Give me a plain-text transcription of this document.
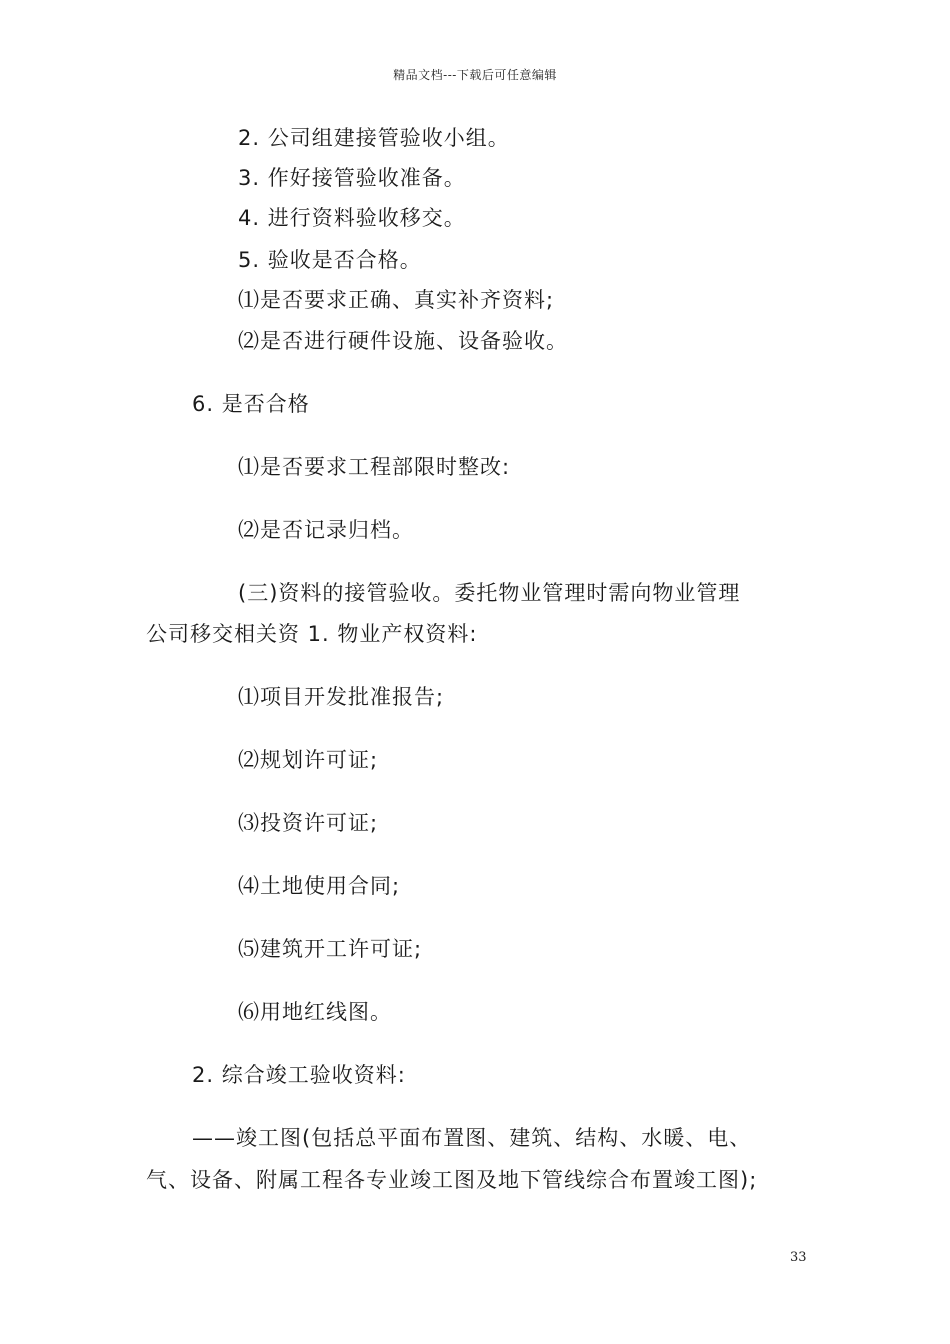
精品文档---下载后可任意编辑
2. 公司组建接管验收小组。
3. 作好接管验收准备。
4. 进行资料验收移交。
5. 验收是否合格。
⑴是否要求正确、真实补齐资料;
⑵是否进行硬件设施、设备验收。
6. 是否合格
⑴是否要求工程部限时整改:
⑵是否记录归档。
(三)资料的接管验收。委托物业管理时需向物业管理
公司移交相关资 1. 物业产权资料:
⑴项目开发批准报告;
⑵规划许可证;
⑶投资许可证;
⑷土地使用合同;
⑸建筑开工许可证;
⑹用地红线图。
2. 综合竣工验收资料:
——竣工图(包括总平面布置图、建筑、结构、水暖、电、
气、设备、附属工程各专业竣工图及地下管线综合布置竣工图);
33
